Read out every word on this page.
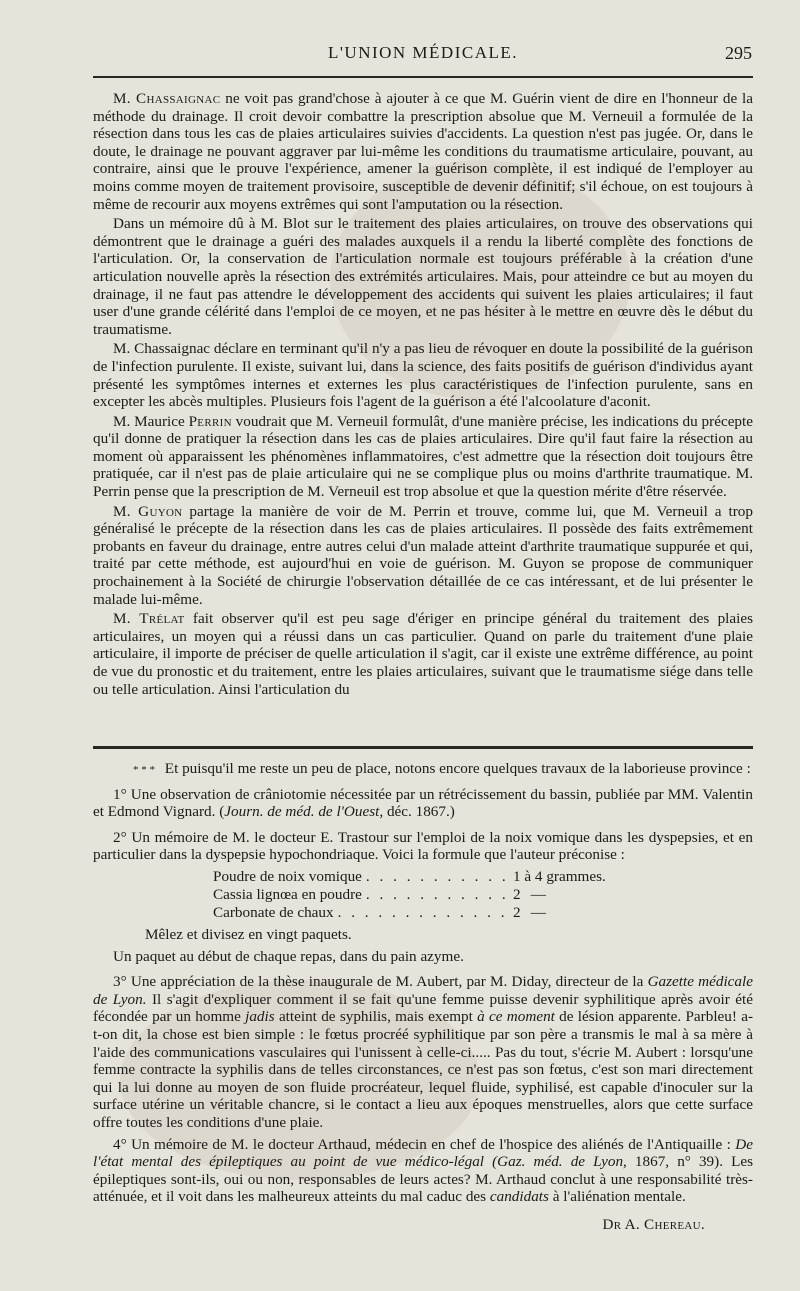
L'UNION MÉDICALE.	295

M. Chassaignac ne voit pas grand'chose à ajouter à ce que M. Guérin vient de dire en l'honneur de la méthode du drainage. Il croit devoir combattre la prescription absolue que M. Verneuil a formulée de la résection dans tous les cas de plaies articulaires suivies d'accidents. La question n'est pas jugée. Or, dans le doute, le drainage ne pouvant aggraver par lui-même les conditions du traumatisme articulaire, pouvant, au contraire, ainsi que le prouve l'expérience, amener la guérison complète, il est indiqué de l'employer au moins comme moyen de traitement provisoire, susceptible de devenir définitif; s'il échoue, on est toujours à même de recourir aux moyens extrêmes qui sont l'amputation ou la résection.

Dans un mémoire dû à M. Blot sur le traitement des plaies articulaires, on trouve des observations qui démontrent que le drainage a guéri des malades auxquels il a rendu la liberté complète des fonctions de l'articulation. Or, la conservation de l'articulation normale est toujours préférable à la création d'une articulation nouvelle après la résection des extrémités articulaires. Mais, pour atteindre ce but au moyen du drainage, il ne faut pas attendre le développement des accidents qui suivent les plaies articulaires; il faut user d'une grande célérité dans l'emploi de ce moyen, et ne pas hésiter à le mettre en œuvre dès le début du traumatisme.

M. Chassaignac déclare en terminant qu'il n'y a pas lieu de révoquer en doute la possibilité de la guérison de l'infection purulente. Il existe, suivant lui, dans la science, des faits positifs de guérison d'individus ayant présenté les symptômes internes et externes les plus caractéristiques de l'infection purulente, sans en excepter les abcès multiples. Plusieurs fois l'agent de la guérison a été l'alcoolature d'aconit.

M. Maurice Perrin voudrait que M. Verneuil formulât, d'une manière précise, les indications du précepte qu'il donne de pratiquer la résection dans les cas de plaies articulaires. Dire qu'il faut faire la résection au moment où apparaissent les phénomènes inflammatoires, c'est admettre que la résection doit toujours être pratiquée, car il n'est pas de plaie articulaire qui ne se complique plus ou moins d'arthrite traumatique. M. Perrin pense que la prescription de M. Verneuil est trop absolue et que la question mérite d'être réservée.

M. Guyon partage la manière de voir de M. Perrin et trouve, comme lui, que M. Verneuil a trop généralisé le précepte de la résection dans les cas de plaies articulaires. Il possède des faits extrêmement probants en faveur du drainage, entre autres celui d'un malade atteint d'arthrite traumatique suppurée et qui, traité par cette méthode, est aujourd'hui en voie de guérison. M. Guyon se propose de communiquer prochainement à la Société de chirurgie l'observation détaillée de ce cas intéressant, et de lui présenter le malade lui-même.

M. Trélat fait observer qu'il est peu sage d'ériger en principe général du traitement des plaies articulaires, un moyen qui a réussi dans un cas particulier. Quand on parle du traitement d'une plaie articulaire, il importe de préciser de quelle articulation il s'agit, car il existe une extrême différence, au point de vue du pronostic et du traitement, entre les plaies articulaires, suivant que le traumatisme siége dans telle ou telle articulation. Ainsi l'articulation du

* * * Et puisqu'il me reste un peu de place, notons encore quelques travaux de la laborieuse province :

1° Une observation de crâniotomie nécessitée par un rétrécissement du bassin, publiée par MM. Valentin et Edmond Vignard. (Journ. de méd. de l'Ouest, déc. 1867.)

2° Un mémoire de M. le docteur E. Trastour sur l'emploi de la noix vomique dans les dyspepsies, et en particulier dans la dyspepsie hypochondriaque. Voici la formule que l'auteur préconise :

Poudre de noix vomique . . .	1 à 4 grammes.
Cassia lignœa en poudre . . .	2 —
Carbonate de chaux . . .	2 —

Mêlez et divisez en vingt paquets.

Un paquet au début de chaque repas, dans du pain azyme.

3° Une appréciation de la thèse inaugurale de M. Aubert, par M. Diday, directeur de la Gazette médicale de Lyon. Il s'agit d'expliquer comment il se fait qu'une femme puisse devenir syphilitique après avoir été fécondée par un homme jadis atteint de syphilis, mais exempt à ce moment de lésion apparente. Parbleu! a-t-on dit, la chose est bien simple : le fœtus procréé syphilitique par son père a transmis le mal à sa mère à l'aide des communications vasculaires qui l'unissent à celle-ci..... Pas du tout, s'écrie M. Aubert : lorsqu'une femme contracte la syphilis dans de telles circonstances, ce n'est pas son fœtus, c'est son mari directement qui la lui donne au moyen de son fluide procréateur, lequel fluide, syphilisé, est capable d'inoculer sur la surface utérine un véritable chancre, si le contact a lieu aux époques menstruelles, alors que cette surface offre toutes les conditions d'une plaie.

4° Un mémoire de M. le docteur Arthaud, médecin en chef de l'hospice des aliénés de l'Antiquaille : De l'état mental des épileptiques au point de vue médico-légal (Gaz. méd. de Lyon, 1867, n° 39). Les épileptiques sont-ils, oui ou non, responsables de leurs actes? M. Arthaud conclut à une responsabilité très-atténuée, et il voit dans les malheureux atteints du mal caduc des candidats à l'aliénation mentale.

Dr A. Chereau.
